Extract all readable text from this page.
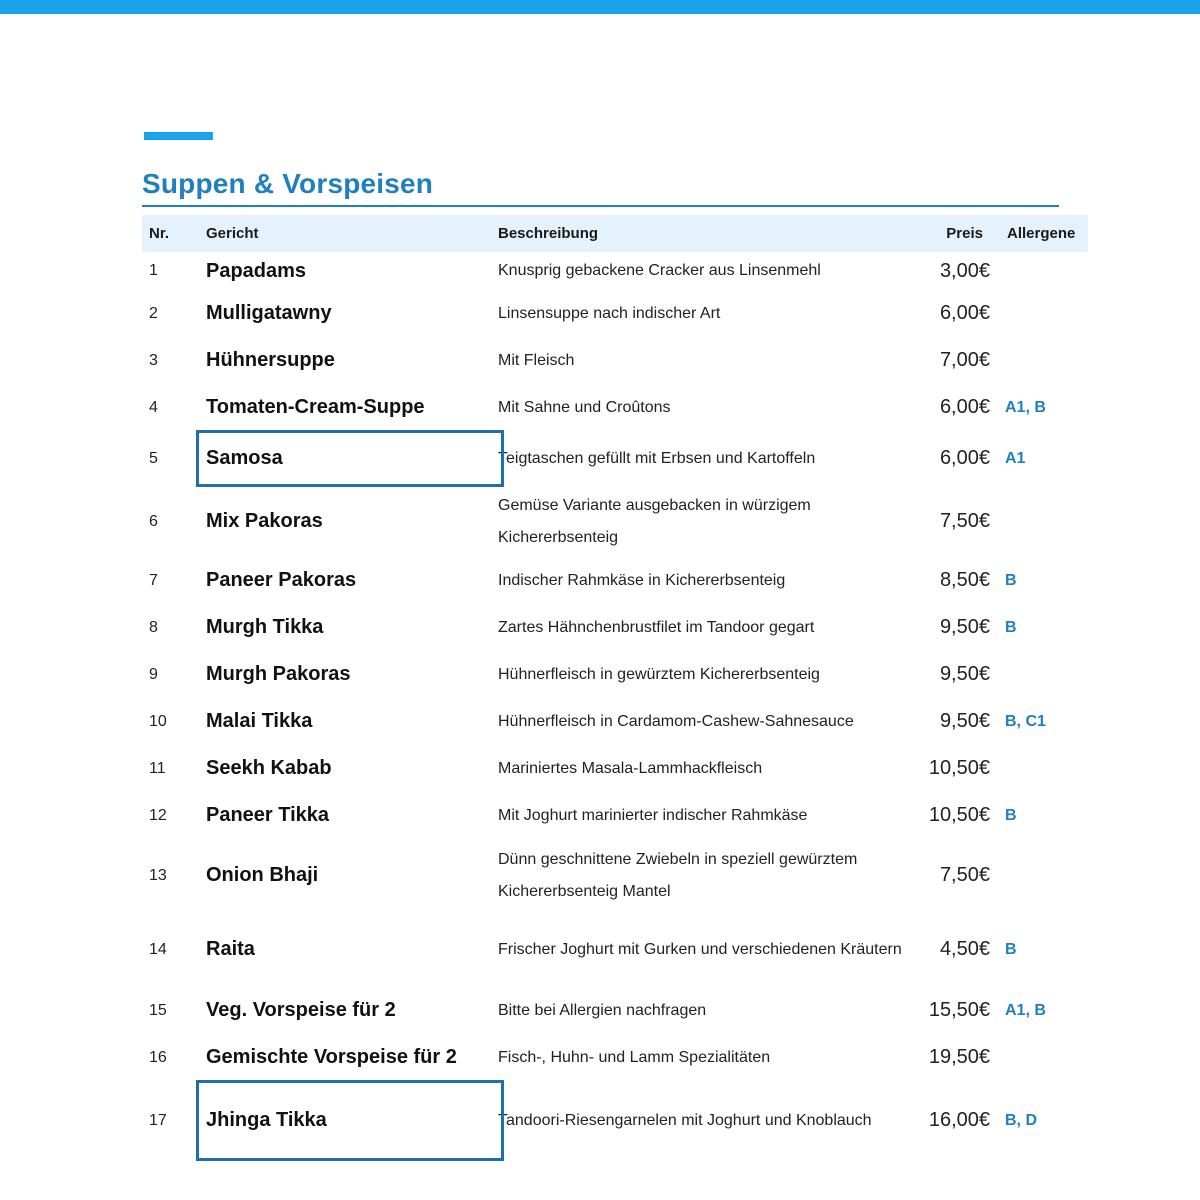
Suppen & Vorspeisen
Nr.	Gericht	Beschreibung	Preis	Allergene
1	Papadams	Knusprig gebackene Cracker aus Linsenmehl	3,00€	
2	Mulligatawny	Linsensuppe nach indischer Art	6,00€	
3	Hühnersuppe	Mit Fleisch	7,00€	
4	Tomaten-Cream-Suppe	Mit Sahne und Croûtons	6,00€	A1, B
5	Samosa	Teigtaschen gefüllt mit Erbsen und Kartoffeln	6,00€	A1
6	Mix Pakoras	Gemüse Variante ausgebacken in würzigem Kichererbsenteig	7,50€	
7	Paneer Pakoras	Indischer Rahmkäse in Kichererbsenteig	8,50€	B
8	Murgh Tikka	Zartes Hähnchenbrustfilet im Tandoor gegart	9,50€	B
9	Murgh Pakoras	Hühnerfleisch in gewürztem Kichererbsenteig	9,50€	
10	Malai Tikka	Hühnerfleisch in Cardamom-Cashew-Sahnesauce	9,50€	B, C1
11	Seekh Kabab	Mariniertes Masala-Lammhackfleisch	10,50€	
12	Paneer Tikka	Mit Joghurt marinierter indischer Rahmkäse	10,50€	B
13	Onion Bhaji	Dünn geschnittene Zwiebeln in speziell gewürztem Kichererbsenteig Mantel	7,50€	
14	Raita	Frischer Joghurt mit Gurken und verschiedenen Kräutern	4,50€	B
15	Veg. Vorspeise für 2	Bitte bei Allergien nachfragen	15,50€	A1, B
16	Gemischte Vorspeise für 2	Fisch-, Huhn- und Lamm Spezialitäten	19,50€	
17	Jhinga Tikka	Tandoori-Riesengarnelen mit Joghurt und Knoblauch	16,00€	B, D
